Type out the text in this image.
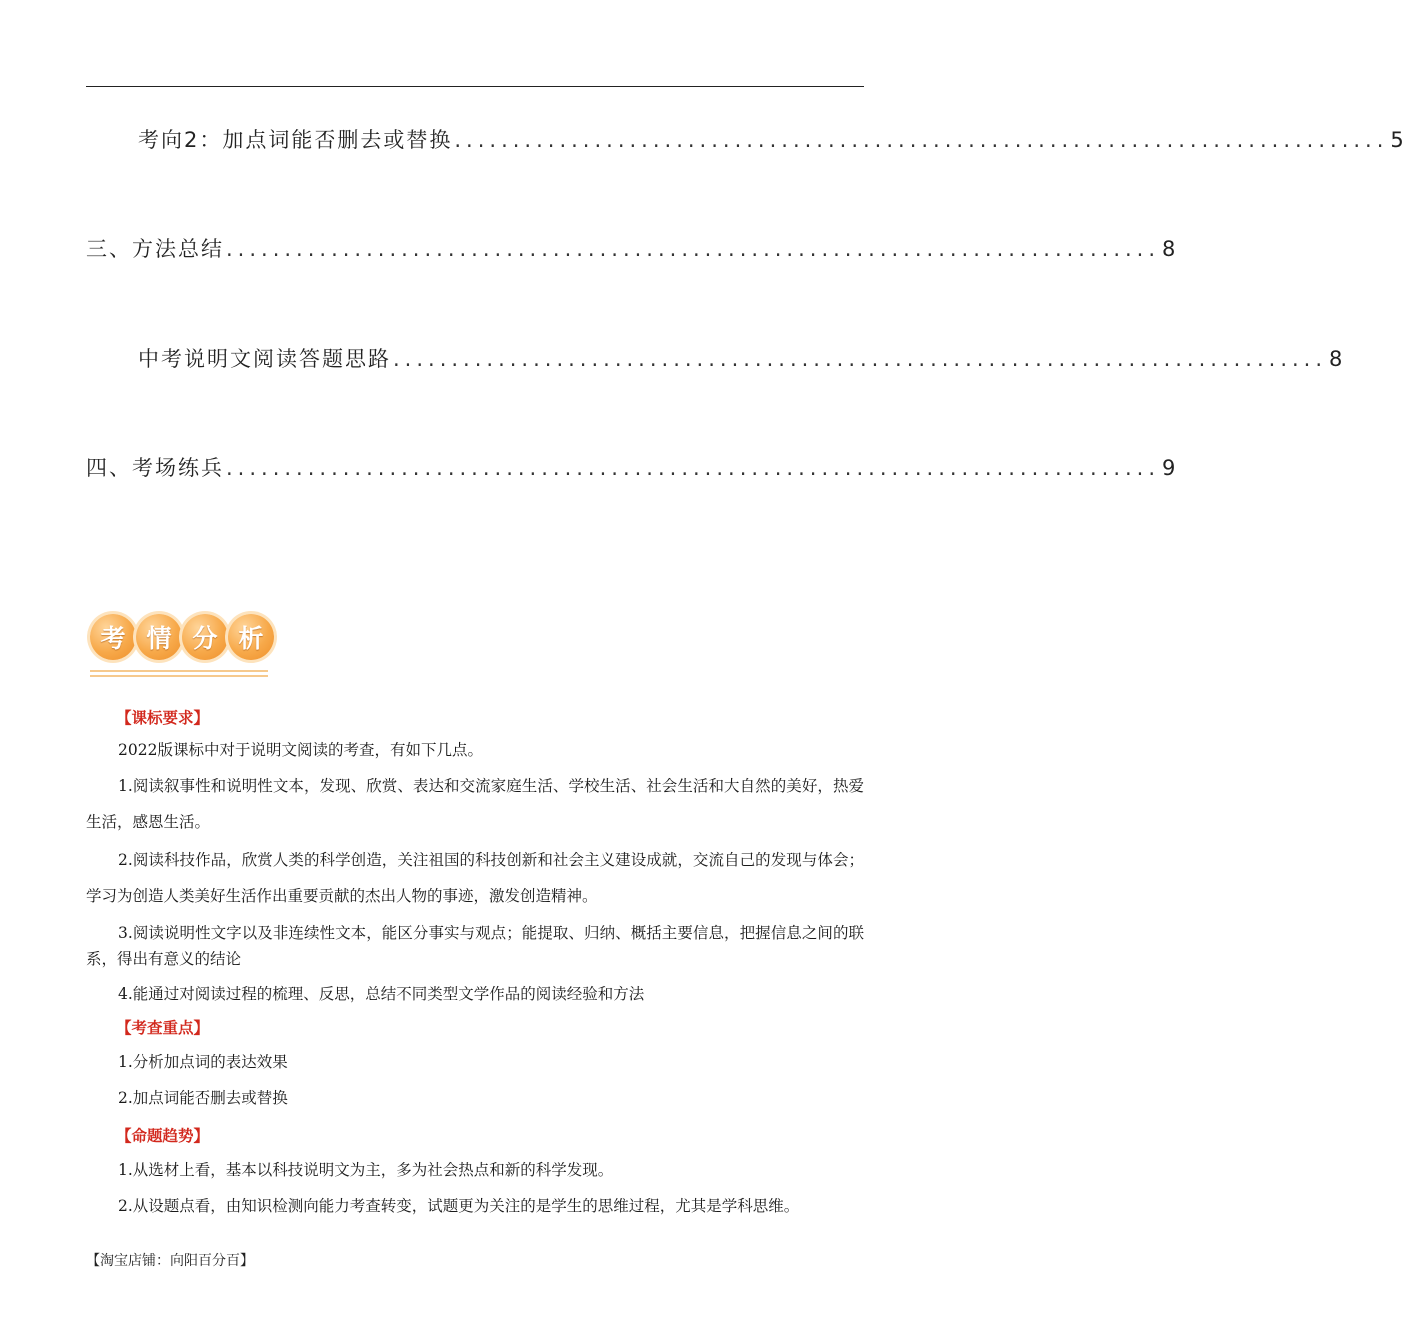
考向2：加点词能否删去或替换 ................................................................................ 5
三、方法总结 ................................................................................ 8
中考说明文阅读答题思路 ................................................................................ 8
四、考场练兵 ................................................................................ 9
考 情 分 析
【课标要求】
2022版课标中对于说明文阅读的考查，有如下几点。
1.阅读叙事性和说明性文本，发现、欣赏、表达和交流家庭生活、学校生活、社会生活和大自然的美好，热爱生活，感恩生活。
2.阅读科技作品，欣赏人类的科学创造，关注祖国的科技创新和社会主义建设成就，交流自己的发现与体会；学习为创造人类美好生活作出重要贡献的杰出人物的事迹，激发创造精神。
3.阅读说明性文字以及非连续性文本，能区分事实与观点；能提取、归纳、概括主要信息，把握信息之间的联系，得出有意义的结论
4.能通过对阅读过程的梳理、反思，总结不同类型文学作品的阅读经验和方法
【考查重点】
1.分析加点词的表达效果
2.加点词能否删去或替换
【命题趋势】
1.从选材上看，基本以科技说明文为主，多为社会热点和新的科学发现。
2.从设题点看，由知识检测向能力考查转变，试题更为关注的是学生的思维过程，尤其是学科思维。
【淘宝店铺：向阳百分百】
